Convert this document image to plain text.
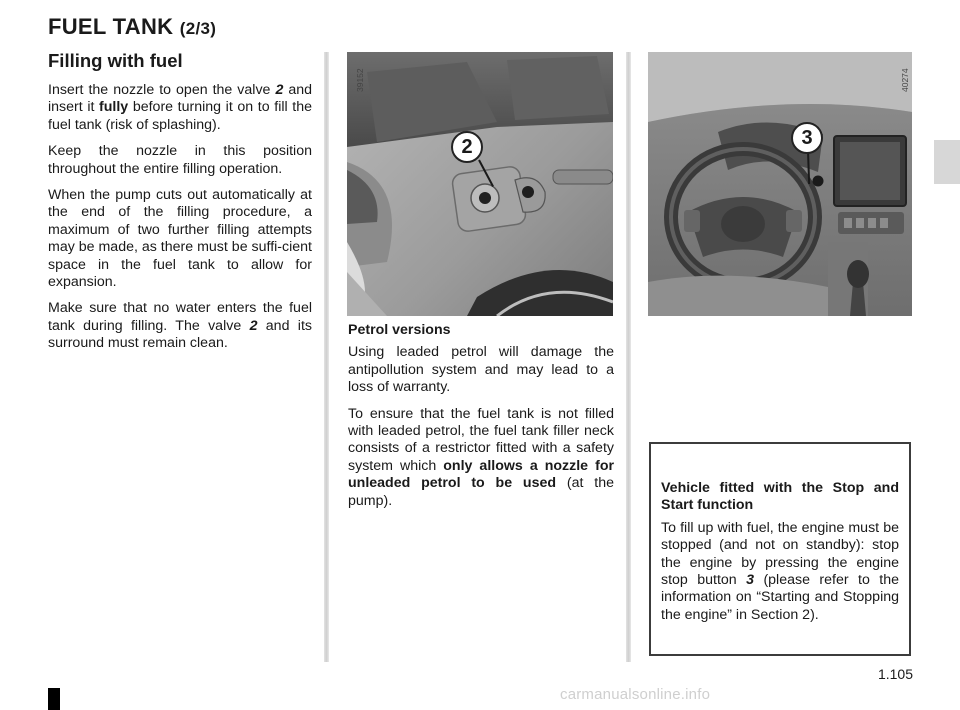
FUEL TANK (2/3)
Filling with fuel

Insert the nozzle to open the valve 2 and insert it fully before turning it on to fill the fuel tank (risk of splashing).

Keep the nozzle in this position throughout the entire filling operation.

When the pump cuts out automatically at the end of the filling procedure, a maximum of two further filling attempts may be made, as there must be suffi-cient space in the fuel tank to allow for expansion.

Make sure that no water enters the fuel tank during filling. The valve 2 and its surround must remain clean.

39152
2

Petrol versions

Using leaded petrol will damage the antipollution system and may lead to a loss of warranty.

To ensure that the fuel tank is not filled with leaded petrol, the fuel tank filler neck consists of a restrictor fitted with a safety system which only allows a nozzle for unleaded petrol to be used (at the pump).

40274
3

Vehicle fitted with the Stop and Start function

To fill up with fuel, the engine must be stopped (and not on standby): stop the engine by pressing the engine stop button 3 (please refer to the information on “Starting and Stopping the engine” in Section 2).

1.105
carmanualsonline.info
